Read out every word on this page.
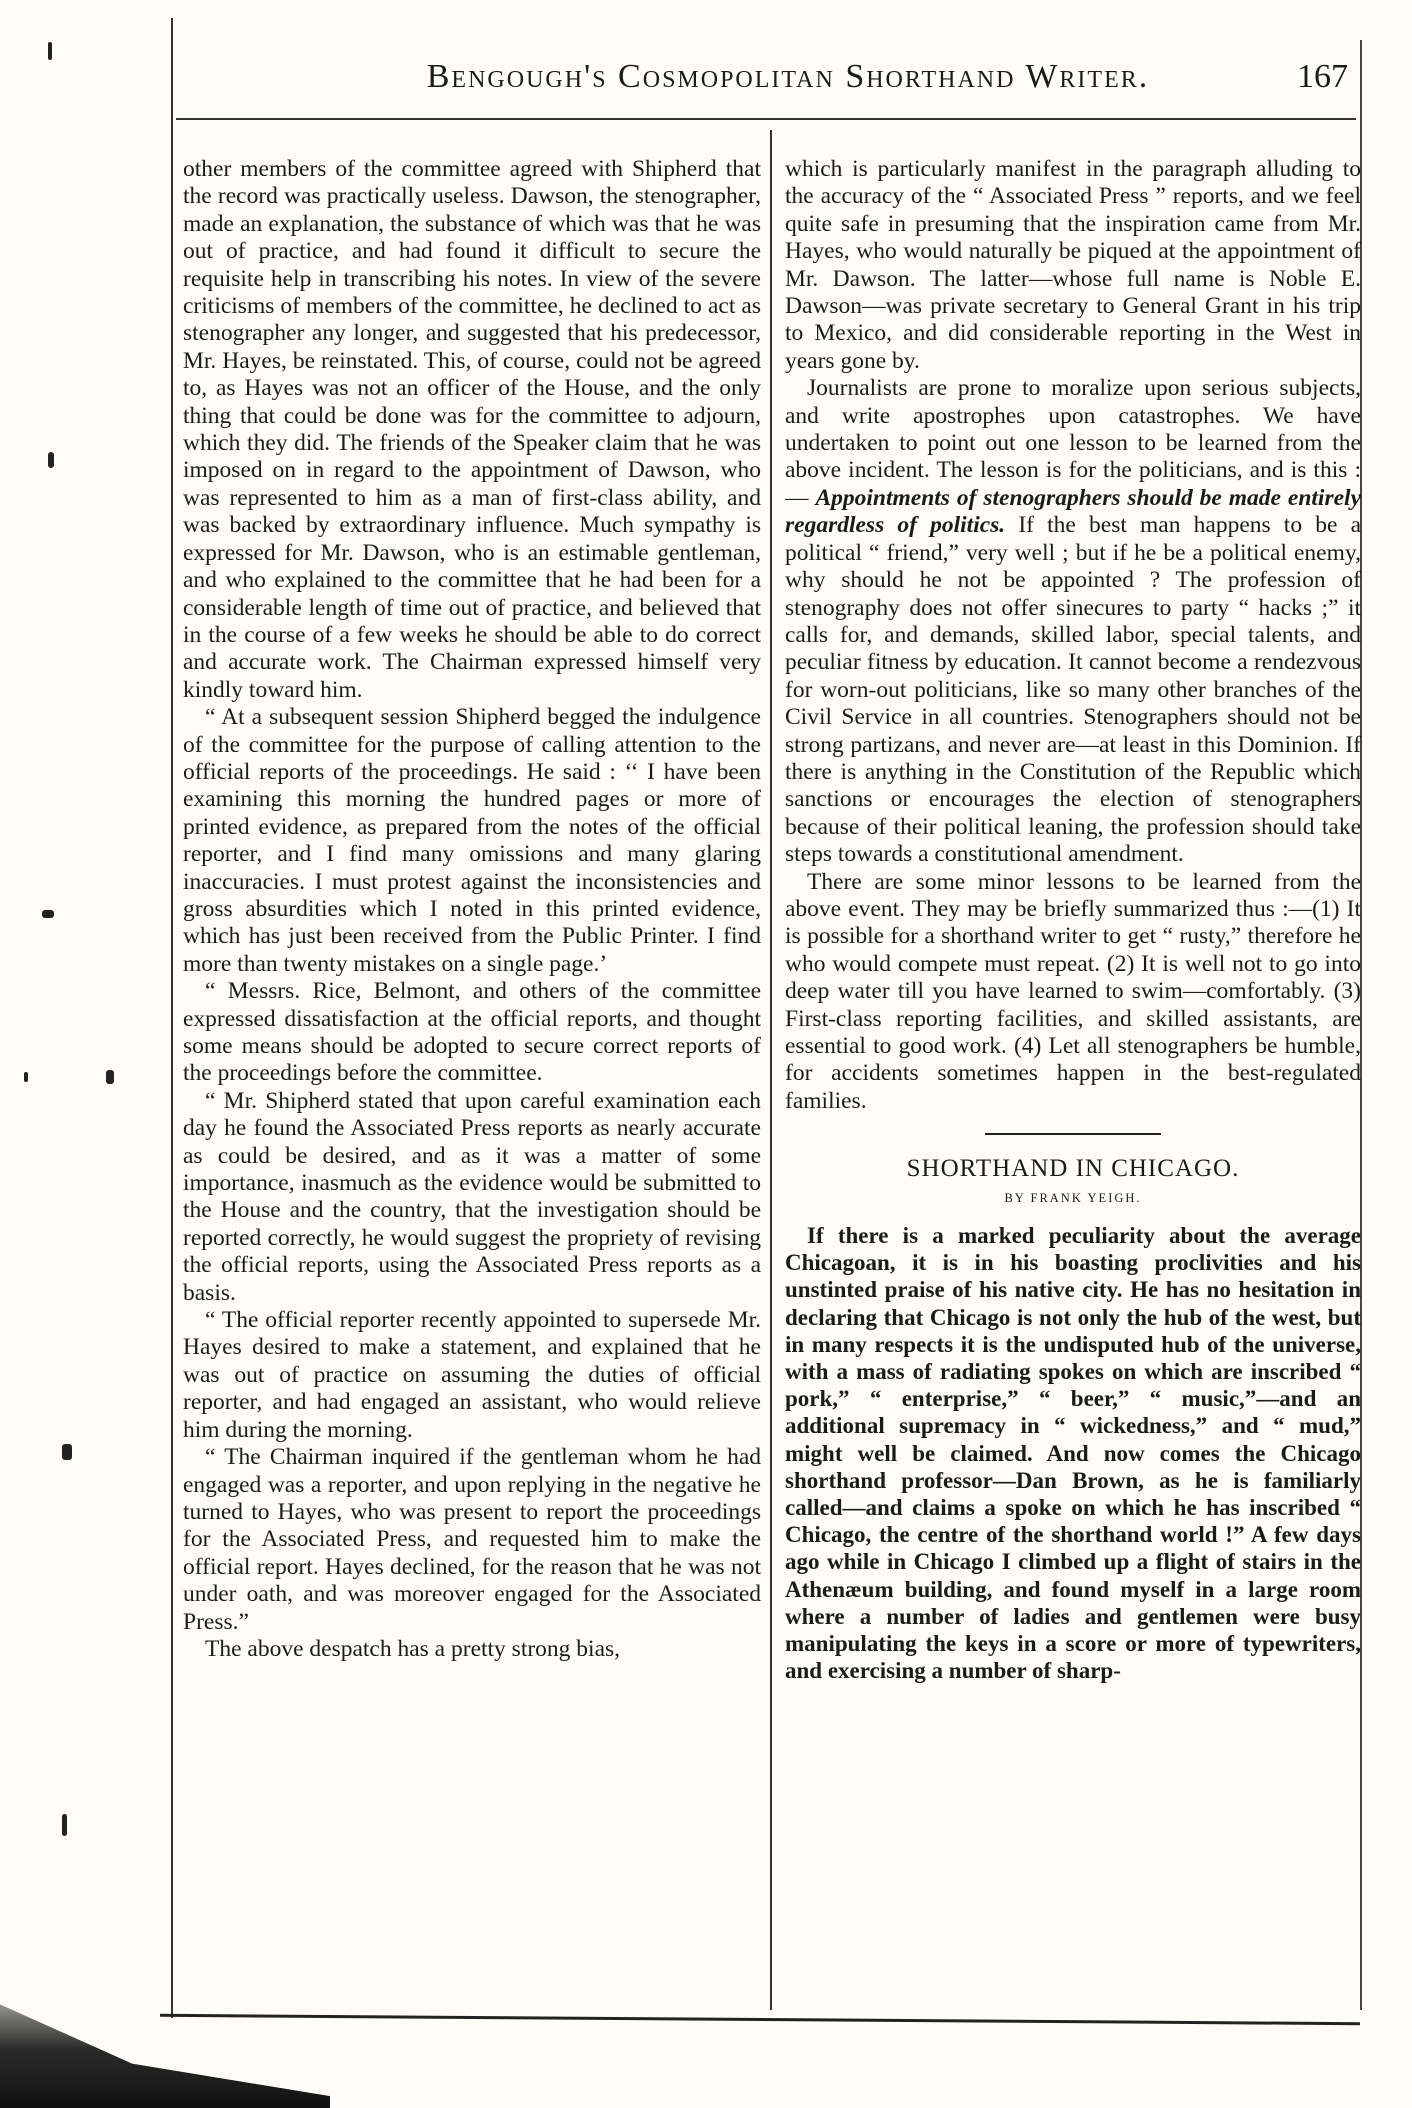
Bengough's Cosmopolitan Shorthand Writer.	167

other members of the committee agreed with Shipherd that the record was practically useless. Dawson, the stenographer, made an explanation, the substance of which was that he was out of practice, and had found it difficult to secure the requisite help in transcribing his notes. In view of the severe criticisms of members of the committee, he declined to act as stenographer any longer, and suggested that his predecessor, Mr. Hayes, be reinstated. This, of course, could not be agreed to, as Hayes was not an officer of the House, and the only thing that could be done was for the committee to adjourn, which they did. The friends of the Speaker claim that he was imposed on in regard to the appointment of Dawson, who was represented to him as a man of first-class ability, and was backed by extraordinary influence. Much sympathy is expressed for Mr. Dawson, who is an estimable gentleman, and who explained to the committee that he had been for a considerable length of time out of practice, and believed that in the course of a few weeks he should be able to do correct and accurate work. The Chairman expressed himself very kindly toward him.

“ At a subsequent session Shipherd begged the indulgence of the committee for the purpose of calling attention to the official reports of the proceedings. He said : ‘‘ I have been examining this morning the hundred pages or more of printed evidence, as prepared from the notes of the official reporter, and I find many omissions and many glaring inaccuracies. I must protest against the inconsistencies and gross absurdities which I noted in this printed evidence, which has just been received from the Public Printer. I find more than twenty mistakes on a single page.’

“ Messrs. Rice, Belmont, and others of the committee expressed dissatisfaction at the official reports, and thought some means should be adopted to secure correct reports of the proceedings before the committee.

“ Mr. Shipherd stated that upon careful examination each day he found the Associated Press reports as nearly accurate as could be desired, and as it was a matter of some importance, inasmuch as the evidence would be submitted to the House and the country, that the investigation should be reported correctly, he would suggest the propriety of revising the official reports, using the Associated Press reports as a basis.

“ The official reporter recently appointed to supersede Mr. Hayes desired to make a statement, and explained that he was out of practice on assuming the duties of official reporter, and had engaged an assistant, who would relieve him during the morning.

“ The Chairman inquired if the gentleman whom he had engaged was a reporter, and upon replying in the negative he turned to Hayes, who was present to report the proceedings for the Associated Press, and requested him to make the official report. Hayes declined, for the reason that he was not under oath, and was moreover engaged for the Associated Press.”

The above despatch has a pretty strong bias,

which is particularly manifest in the paragraph alluding to the accuracy of the “ Associated Press ” reports, and we feel quite safe in presuming that the inspiration came from Mr. Hayes, who would naturally be piqued at the appointment of Mr. Dawson. The latter—whose full name is Noble E. Dawson—was private secretary to General Grant in his trip to Mexico, and did considerable reporting in the West in years gone by.

Journalists are prone to moralize upon serious subjects, and write apostrophes upon catastrophes. We have undertaken to point out one lesson to be learned from the above incident. The lesson is for the politicians, and is this :— Appointments of stenographers should be made entirely regardless of politics. If the best man happens to be a political “ friend,” very well ; but if he be a political enemy, why should he not be appointed ? The profession of stenography does not offer sinecures to party “ hacks ;” it calls for, and demands, skilled labor, special talents, and peculiar fitness by education. It cannot become a rendezvous for worn-out politicians, like so many other branches of the Civil Service in all countries. Stenographers should not be strong partizans, and never are—at least in this Dominion. If there is anything in the Constitution of the Republic which sanctions or encourages the election of stenographers because of their political leaning, the profession should take steps towards a constitutional amendment.

There are some minor lessons to be learned from the above event. They may be briefly summarized thus :—(1) It is possible for a shorthand writer to get “ rusty,” therefore he who would compete must repeat. (2) It is well not to go into deep water till you have learned to swim—comfortably. (3) First-class reporting facilities, and skilled assistants, are essential to good work. (4) Let all stenographers be humble, for accidents sometimes happen in the best-regulated families.

SHORTHAND IN CHICAGO.
BY FRANK YEIGH.

If there is a marked peculiarity about the average Chicagoan, it is in his boasting proclivities and his unstinted praise of his native city. He has no hesitation in declaring that Chicago is not only the hub of the west, but in many respects it is the undisputed hub of the universe, with a mass of radiating spokes on which are inscribed “ pork,” “ enterprise,” “ beer,” “ music,”—and an additional supremacy in “ wickedness,” and “ mud,” might well be claimed. And now comes the Chicago shorthand professor—Dan Brown, as he is familiarly called—and claims a spoke on which he has inscribed “ Chicago, the centre of the shorthand world !” A few days ago while in Chicago I climbed up a flight of stairs in the Athenæum building, and found myself in a large room where a number of ladies and gentlemen were busy manipulating the keys in a score or more of typewriters, and exercising a number of sharp-
